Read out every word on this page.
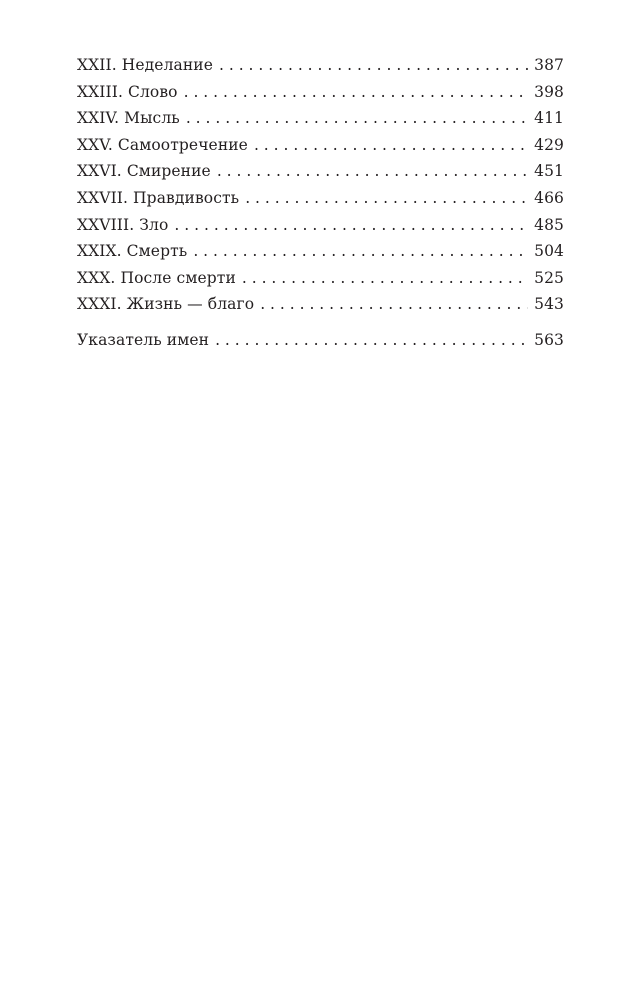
XXII. Неделание . . .	387
XXIII. Слово . . .	398
XXIV. Мысль . . .	411
XXV. Самоотречение . . .	429
XXVI. Смирение . . .	451
XXVII. Правдивость . . .	466
XXVIII. Зло . . .	485
XXIX. Смерть . . .	504
XXX. После смерти . . .	525
XXXI. Жизнь — благо . . .	543
Указатель имен . . .	563
